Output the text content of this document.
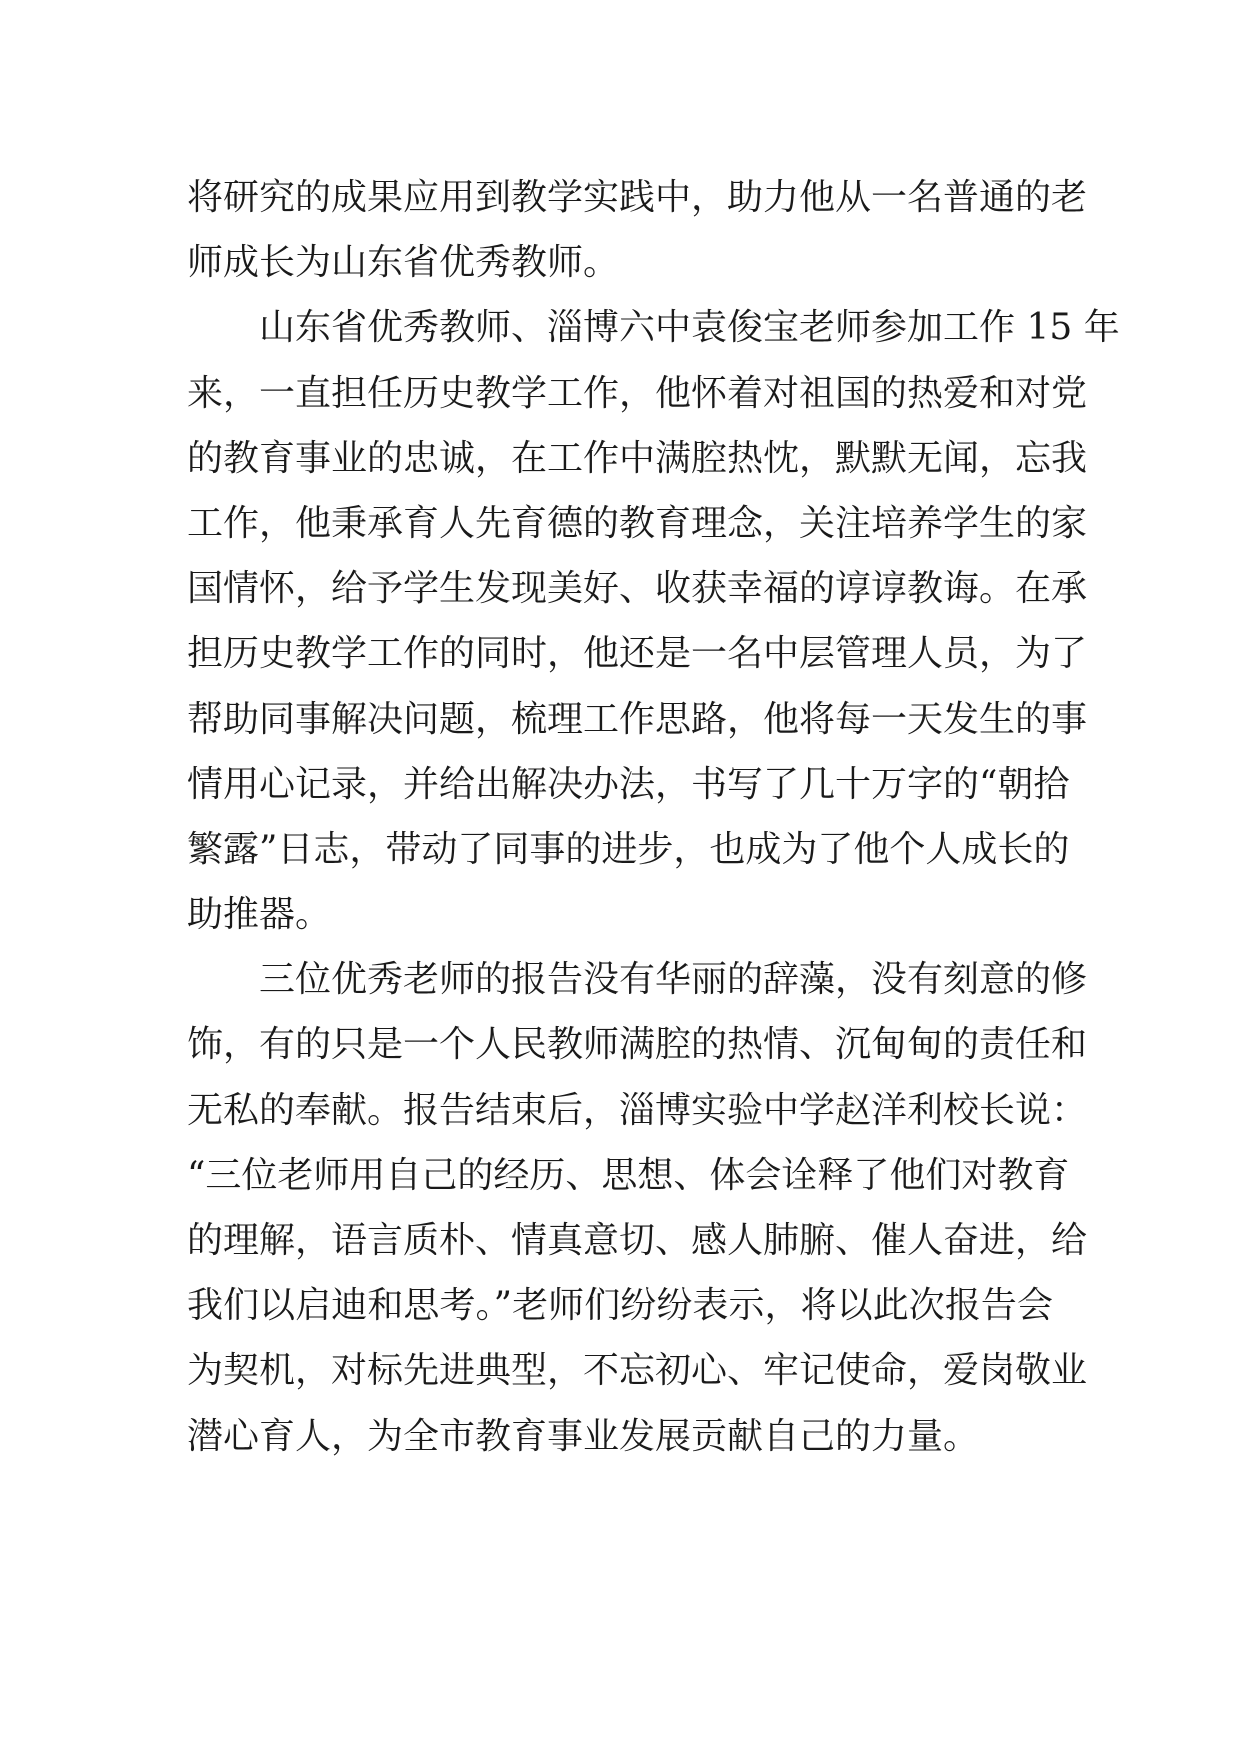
将研究的成果应用到教学实践中，助力他从一名普通的老
师成长为山东省优秀教师。
山东省优秀教师、淄博六中袁俊宝老师参加工作 15 年
来，一直担任历史教学工作，他怀着对祖国的热爱和对党
的教育事业的忠诚，在工作中满腔热忱，默默无闻，忘我
工作，他秉承育人先育德的教育理念，关注培养学生的家
国情怀，给予学生发现美好、收获幸福的谆谆教诲。在承
担历史教学工作的同时，他还是一名中层管理人员，为了
帮助同事解决问题，梳理工作思路，他将每一天发生的事
情用心记录，并给出解决办法，书写了几十万字的“朝拾
繁露”日志，带动了同事的进步，也成为了他个人成长的
助推器。
三位优秀老师的报告没有华丽的辞藻，没有刻意的修
饰，有的只是一个人民教师满腔的热情、沉甸甸的责任和
无私的奉献。报告结束后，淄博实验中学赵洋利校长说：
“三位老师用自己的经历、思想、体会诠释了他们对教育
的理解，语言质朴、情真意切、感人肺腑、催人奋进，给
我们以启迪和思考。”老师们纷纷表示，将以此次报告会
为契机，对标先进典型，不忘初心、牢记使命，爱岗敬业
潜心育人，为全市教育事业发展贡献自己的力量。
